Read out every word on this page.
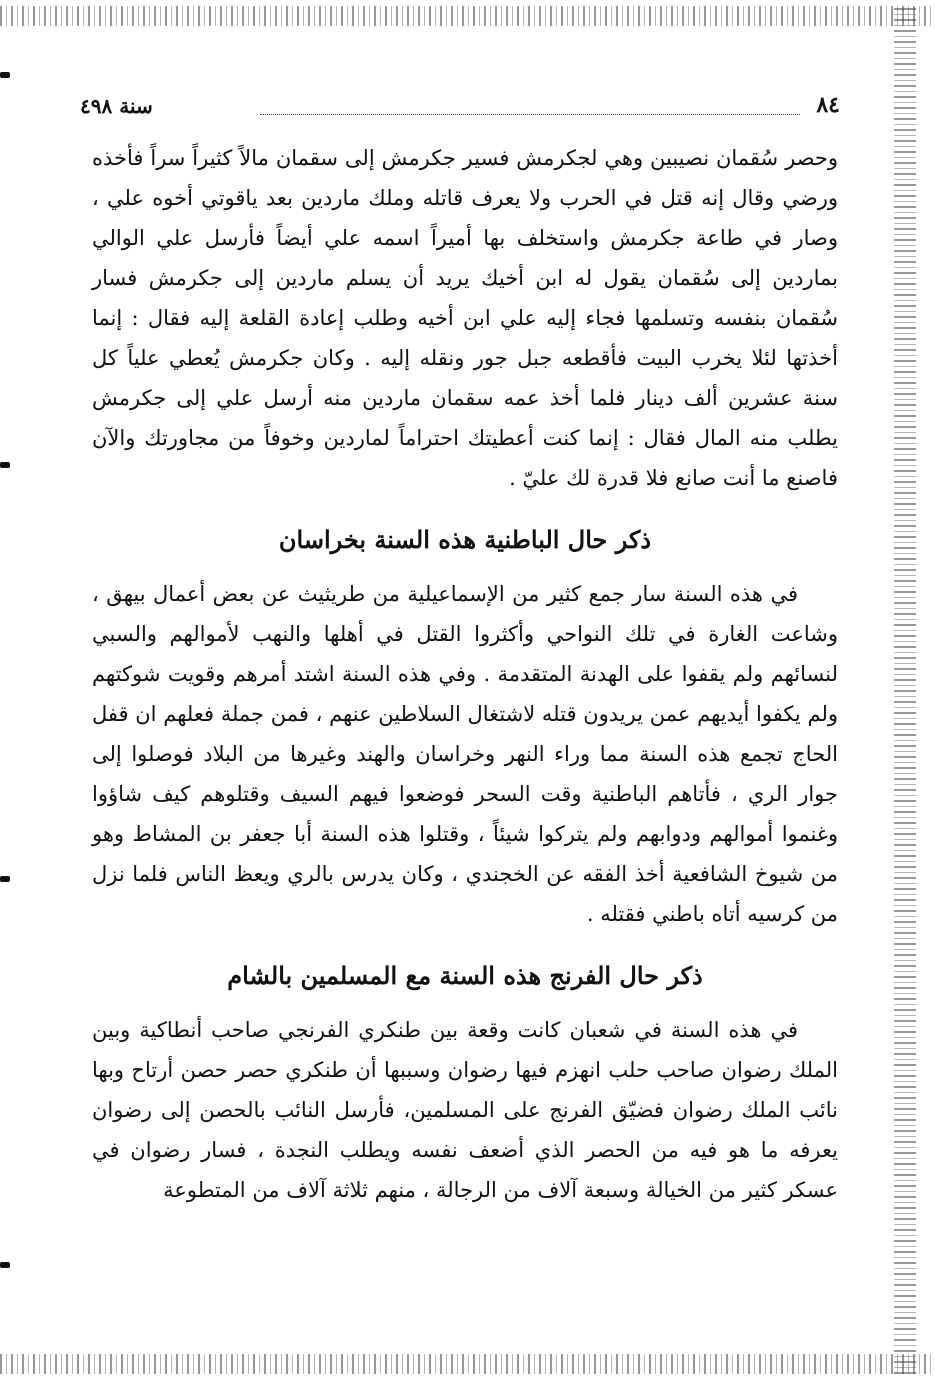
٨٤
سنة ٤٩٨

وحصر سُقمان نصيبين وهي لجكرمش فسير جكرمش إلى سقمان مالاً كثيراً سراً فأخذه ورضي وقال إنه قتل في الحرب ولا يعرف قاتله وملك ماردين بعد ياقوتي أخوه علي ، وصار في طاعة جكرمش واستخلف بها أميراً اسمه علي أيضاً فأرسل علي الوالي بماردين إلى سُقمان يقول له ابن أخيك يريد أن يسلم ماردين إلى جكرمش فسار سُقمان بنفسه وتسلمها فجاء إليه علي ابن أخيه وطلب إعادة القلعة إليه فقال : إنما أخذتها لئلا يخرب البيت فأقطعه جبل جور ونقله إليه . وكان جكرمش يُعطي علياً كل سنة عشرين ألف دينار فلما أخذ عمه سقمان ماردين منه أرسل علي إلى جكرمش يطلب منه المال فقال : إنما كنت أعطيتك احتراماً لماردين وخوفاً من مجاورتك والآن فاصنع ما أنت صانع فلا قدرة لك عليّ .

ذكر حال الباطنية هذه السنة بخراسان

في هذه السنة سار جمع كثير من الإسماعيلية من طريثيث عن بعض أعمال بيهق ، وشاعت الغارة في تلك النواحي وأكثروا القتل في أهلها والنهب لأموالهم والسبي لنسائهم ولم يقفوا على الهدنة المتقدمة . وفي هذه السنة اشتد أمرهم وقويت شوكتهم ولم يكفوا أيديهم عمن يريدون قتله لاشتغال السلاطين عنهم ، فمن جملة فعلهم ان قفل الحاج تجمع هذه السنة مما وراء النهر وخراسان والهند وغيرها من البلاد فوصلوا إلى جوار الري ، فأتاهم الباطنية وقت السحر فوضعوا فيهم السيف وقتلوهم كيف شاؤوا وغنموا أموالهم ودوابهم ولم يتركوا شيئاً ، وقتلوا هذه السنة أبا جعفر بن المشاط وهو من شيوخ الشافعية أخذ الفقه عن الخجندي ، وكان يدرس بالري ويعظ الناس فلما نزل من كرسيه أتاه باطني فقتله .

ذكر حال الفرنج هذه السنة مع المسلمين بالشام

في هذه السنة في شعبان كانت وقعة بين طنكري الفرنجي صاحب أنطاكية وبين الملك رضوان صاحب حلب انهزم فيها رضوان وسببها أن طنكري حصر حصن أرتاح وبها نائب الملك رضوان فضيّق الفرنج على المسلمين، فأرسل النائب بالحصن إلى رضوان يعرفه ما هو فيه من الحصر الذي أضعف نفسه ويطلب النجدة ، فسار رضوان في عسكر كثير من الخيالة وسبعة آلاف من الرجالة ، منهم ثلاثة آلاف من المتطوعة
